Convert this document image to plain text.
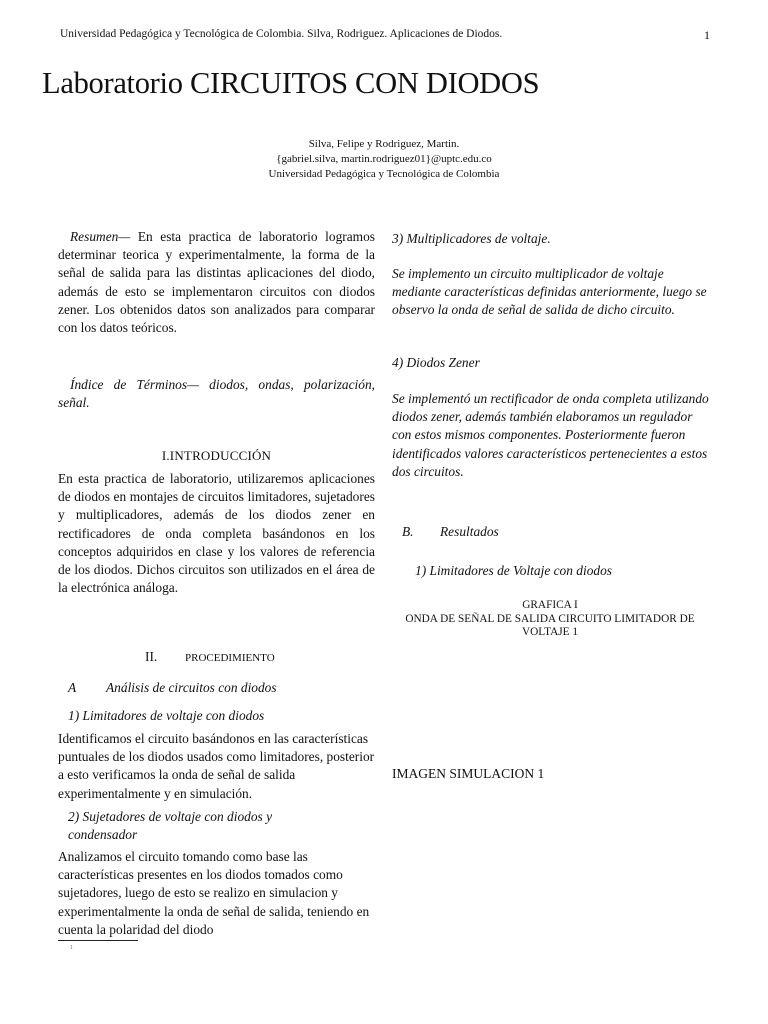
Universidad Pedagógica y Tecnológica de Colombia. Silva, Rodriguez. Aplicaciones de Diodos.	1
Laboratorio CIRCUITOS CON DIODOS
Silva, Felipe y Rodriguez, Martin.
{gabriel.silva, martin.rodriguez01}@uptc.edu.co
Universidad Pedagógica y Tecnológica de Colombia
Resumen— En esta practica de laboratorio logramos determinar teorica y experimentalmente, la forma de la señal de salida para las distintas aplicaciones del diodo, además de esto se implementaron circuitos con diodos zener. Los obtenidos datos son analizados para comparar con los datos teóricos.
Índice de Términos— diodos, ondas, polarización, señal.
I.INTRODUCCIÓN
En esta practica de laboratorio, utilizaremos aplicaciones de diodos en montajes de circuitos limitadores, sujetadores y multiplicadores, además de los diodos zener en rectificadores de onda completa basándonos en los conceptos adquiridos en clase y los valores de referencia de los diodos. Dichos circuitos son utilizados en el área de la electrónica análoga.
II.	PROCEDIMIENTO
A Análisis de circuitos con diodos
1) Limitadores de voltaje con diodos
Identificamos el circuito basándonos en las características puntuales de los diodos usados como limitadores, posterior a esto verificamos la onda de señal de salida experimentalmente y en simulación.
2) Sujetadores de voltaje con diodos y condensador
Analizamos el circuito tomando como base las características presentes en los diodos tomados como sujetadores, luego de esto se realizo en simulacion y experimentalmente la onda de señal de salida, teniendo en cuenta la polaridad del diodo
1
3) Multiplicadores de voltaje.
Se implemento un circuito multiplicador de voltaje mediante características definidas anteriormente, luego se observo la onda de señal de salida de dicho circuito.
4) Diodos Zener
Se implementó un rectificador de onda completa utilizando diodos zener, además también elaboramos un regulador con estos mismos componentes. Posteriormente fueron identificados valores característicos pertenecientes a estos dos circuitos.
B. Resultados
1) Limitadores de Voltaje con diodos
GRAFICA I
ONDA DE SEÑAL DE SALIDA CIRCUITO LIMITADOR DE VOLTAJE 1
IMAGEN SIMULACION 1
